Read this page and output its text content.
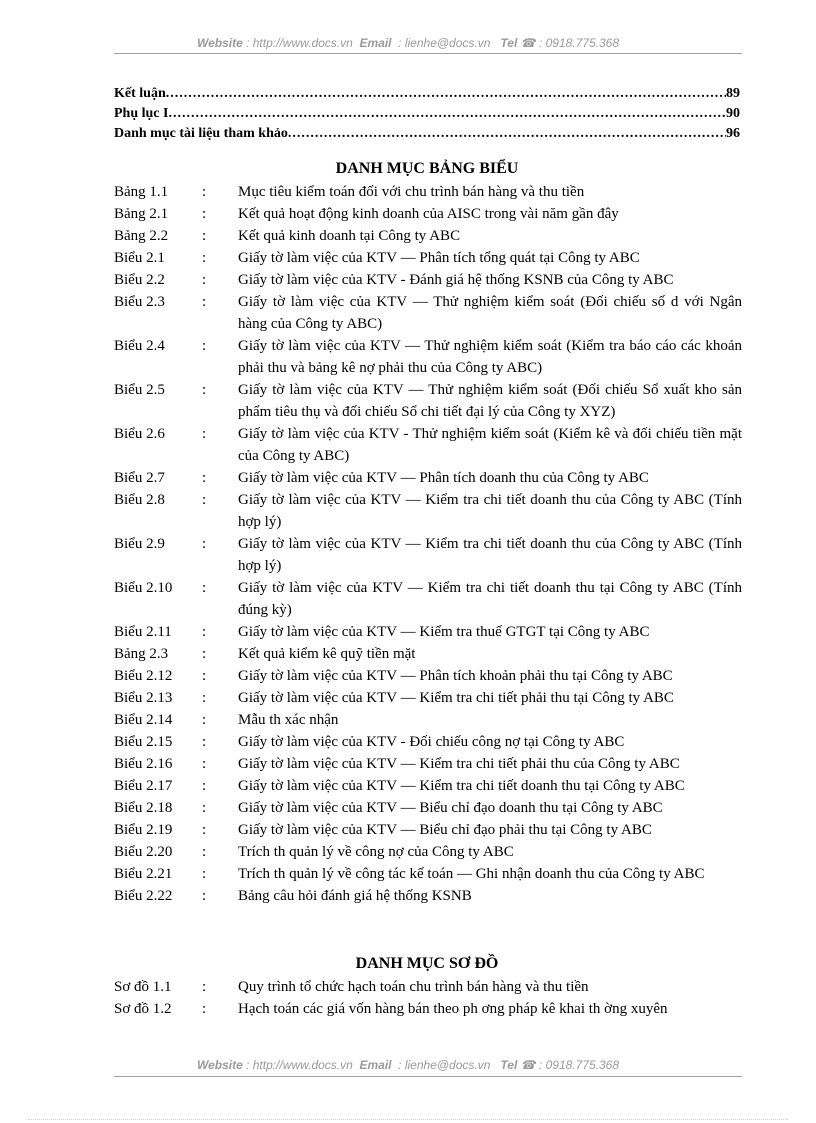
Website : http://www.docs.vn Email : lienhe@docs.vn Tel ☎ : 0918.775.368
Kết luận .....	89
Phụ lục I .....	90
Danh mục tài liệu tham khảo .....	96
DANH MỤC BẢNG BIỂU
Bảng 1.1	:	Mục tiêu kiểm toán đối với chu trình bán hàng và thu tiền
Bảng 2.1	:	Kết quả hoạt động kinh doanh của AISC trong vài năm gần đây
Bảng 2.2	:	Kết quả kinh doanh tại Công ty ABC
Biểu 2.1	:	Giấy tờ làm việc của KTV — Phân tích tổng quát tại Công ty ABC
Biểu 2.2	:	Giấy tờ làm việc của KTV - Đánh giá hệ thống KSNB của Công ty ABC
Biểu 2.3	:	Giấy tờ làm việc của KTV — Thử nghiệm kiểm soát (Đối chiếu số d với Ngân hàng của Công ty ABC)
Biểu 2.4	:	Giấy tờ làm việc của KTV — Thử nghiệm kiểm soát (Kiểm tra báo cáo các khoản phải thu và bảng kê nợ phải thu của Công ty ABC)
Biểu 2.5	:	Giấy tờ làm việc của KTV — Thử nghiệm kiểm soát (Đối chiếu Sổ xuất kho sản phẩm tiêu thụ và đối chiếu Sổ chi tiết đại lý của Công ty XYZ)
Biểu 2.6	:	Giấy tờ làm việc của KTV - Thử nghiệm kiểm soát (Kiểm kê và đối chiếu tiền mặt của Công ty ABC)
Biểu 2.7	:	Giấy tờ làm việc của KTV — Phân tích doanh thu của Công ty ABC
Biểu 2.8	:	Giấy tờ làm việc của KTV — Kiểm tra chi tiết doanh thu của Công ty ABC (Tính hợp lý)
Biểu 2.9	:	Giấy tờ làm việc của KTV — Kiểm tra chi tiết doanh thu của Công ty ABC (Tính hợp lý)
Biểu 2.10	:	Giấy tờ làm việc của KTV — Kiểm tra chi tiết doanh thu tại Công ty ABC (Tính đúng kỳ)
Biểu 2.11	:	Giấy tờ làm việc của KTV — Kiểm tra thuế GTGT tại Công ty ABC
Bảng 2.3	:	Kết quả kiểm kê quỹ tiền mặt
Biểu 2.12	:	Giấy tờ làm việc của KTV — Phân tích khoản phải thu tại Công ty ABC
Biểu 2.13	:	Giấy tờ làm việc của KTV — Kiểm tra chi tiết phải thu tại Công ty ABC
Biểu 2.14	:	Mẫu th xác nhận
Biểu 2.15	:	Giấy tờ làm việc của KTV - Đối chiếu công nợ tại Công ty ABC
Biểu 2.16	:	Giấy tờ làm việc của KTV — Kiểm tra chi tiết phải thu của Công ty ABC
Biểu 2.17	:	Giấy tờ làm việc của KTV — Kiểm tra chi tiết doanh thu tại Công ty ABC
Biểu 2.18	:	Giấy tờ làm việc của KTV — Biểu chỉ đạo doanh thu tại Công ty ABC
Biểu 2.19	:	Giấy tờ làm việc của KTV — Biểu chỉ đạo phải thu tại Công ty ABC
Biểu 2.20	:	Trích th quản lý về công nợ của Công ty ABC
Biểu 2.21	:	Trích th quản lý về công tác kế toán — Ghi nhận doanh thu của Công ty ABC
Biểu 2.22	:	Bảng câu hỏi đánh giá hệ thống KSNB
DANH MỤC SƠ ĐỒ
Sơ đồ 1.1	:	Quy trình tổ chức hạch toán chu trình bán hàng và thu tiền
Sơ đồ 1.2	:	Hạch toán các giá vốn hàng bán theo ph ơng pháp kê khai th ờng xuyên
Website : http://www.docs.vn Email : lienhe@docs.vn Tel ☎ : 0918.775.368
